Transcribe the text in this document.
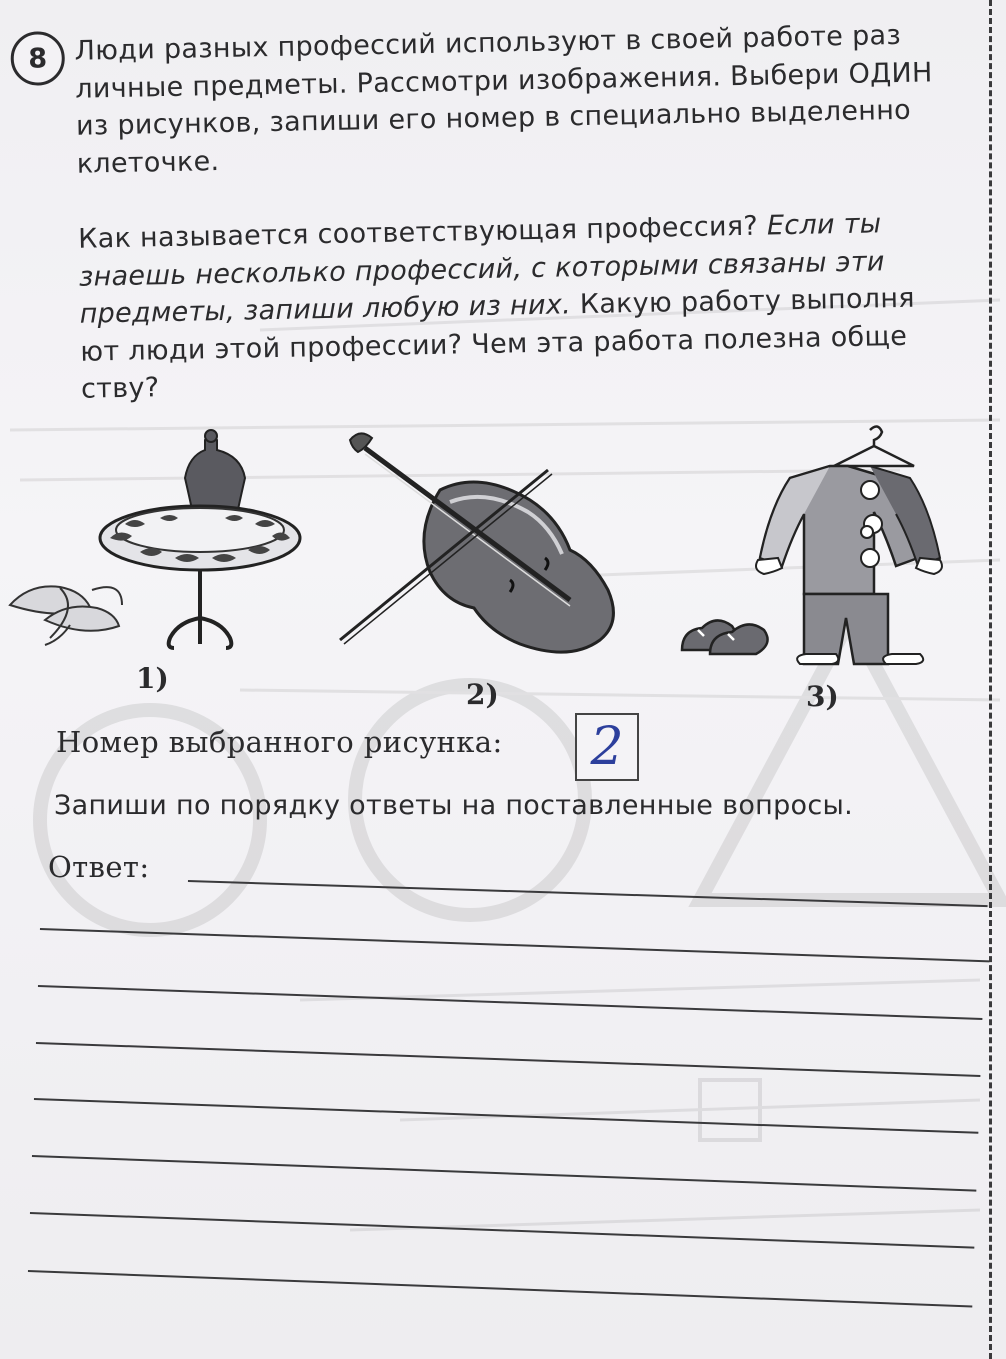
8 Люди разных профессий используют в своей работе раз
личные предметы. Рассмотри изображения. Выбери ОДИН
из рисунков, запиши его номер в специально выделенно
клеточке.
Как называется соответствующая профессия? Если ты
знаешь несколько профессий, с которыми связаны эти
предметы, запиши любую из них. Какую работу выполня
ют люди этой профессии? Чем эта работа полезна обще
ству?
1)	2)	3)
Номер выбранного рисунка: 2
Запиши по порядку ответы на поставленные вопросы.
Ответ:
